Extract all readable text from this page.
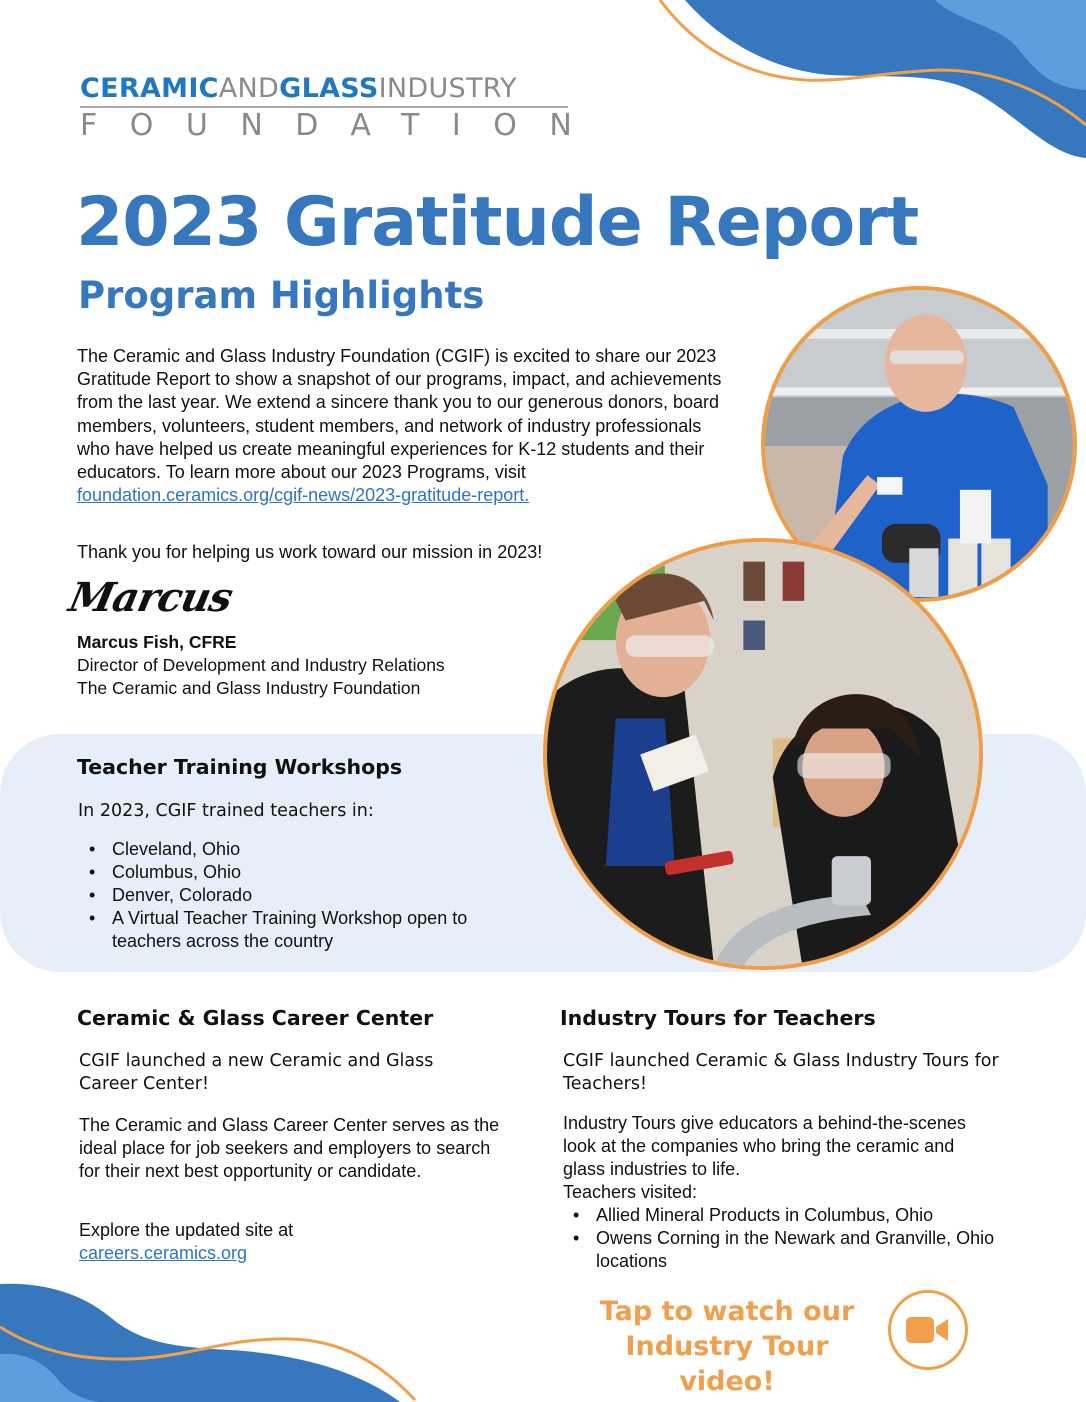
CERAMICANDGLASSINDUSTRY
FOUNDATION
2023 Gratitude Report
Program Highlights

The Ceramic and Glass Industry Foundation (CGIF) is excited to share our 2023 Gratitude Report to show a snapshot of our programs, impact, and achievements from the last year. We extend a sincere thank you to our generous donors, board members, volunteers, student members, and network of industry professionals who have helped us create meaningful experiences for K-12 students and their educators. To learn more about our 2023 Programs, visit foundation.ceramics.org/cgif-news/2023-gratitude-report.

Thank you for helping us work toward our mission in 2023!

Marcus
Marcus Fish, CFRE
Director of Development and Industry Relations
The Ceramic and Glass Industry Foundation
Teacher Training Workshops

In 2023, CGIF trained teachers in:

• Cleveland, Ohio
• Columbus, Ohio
• Denver, Colorado
• A Virtual Teacher Training Workshop open to teachers across the country
Ceramic & Glass Career Center

CGIF launched a new Ceramic and Glass Career Center!

The Ceramic and Glass Career Center serves as the ideal place for job seekers and employers to search for their next best opportunity or candidate.

Explore the updated site at
careers.ceramics.org

Industry Tours for Teachers

CGIF launched Ceramic & Glass Industry Tours for Teachers!

Industry Tours give educators a behind-the-scenes look at the companies who bring the ceramic and glass industries to life.

Teachers visited:

• Allied Mineral Products in Columbus, Ohio
• Owens Corning in the Newark and Granville, Ohio locations
Tap to watch our
Industry Tour video!
